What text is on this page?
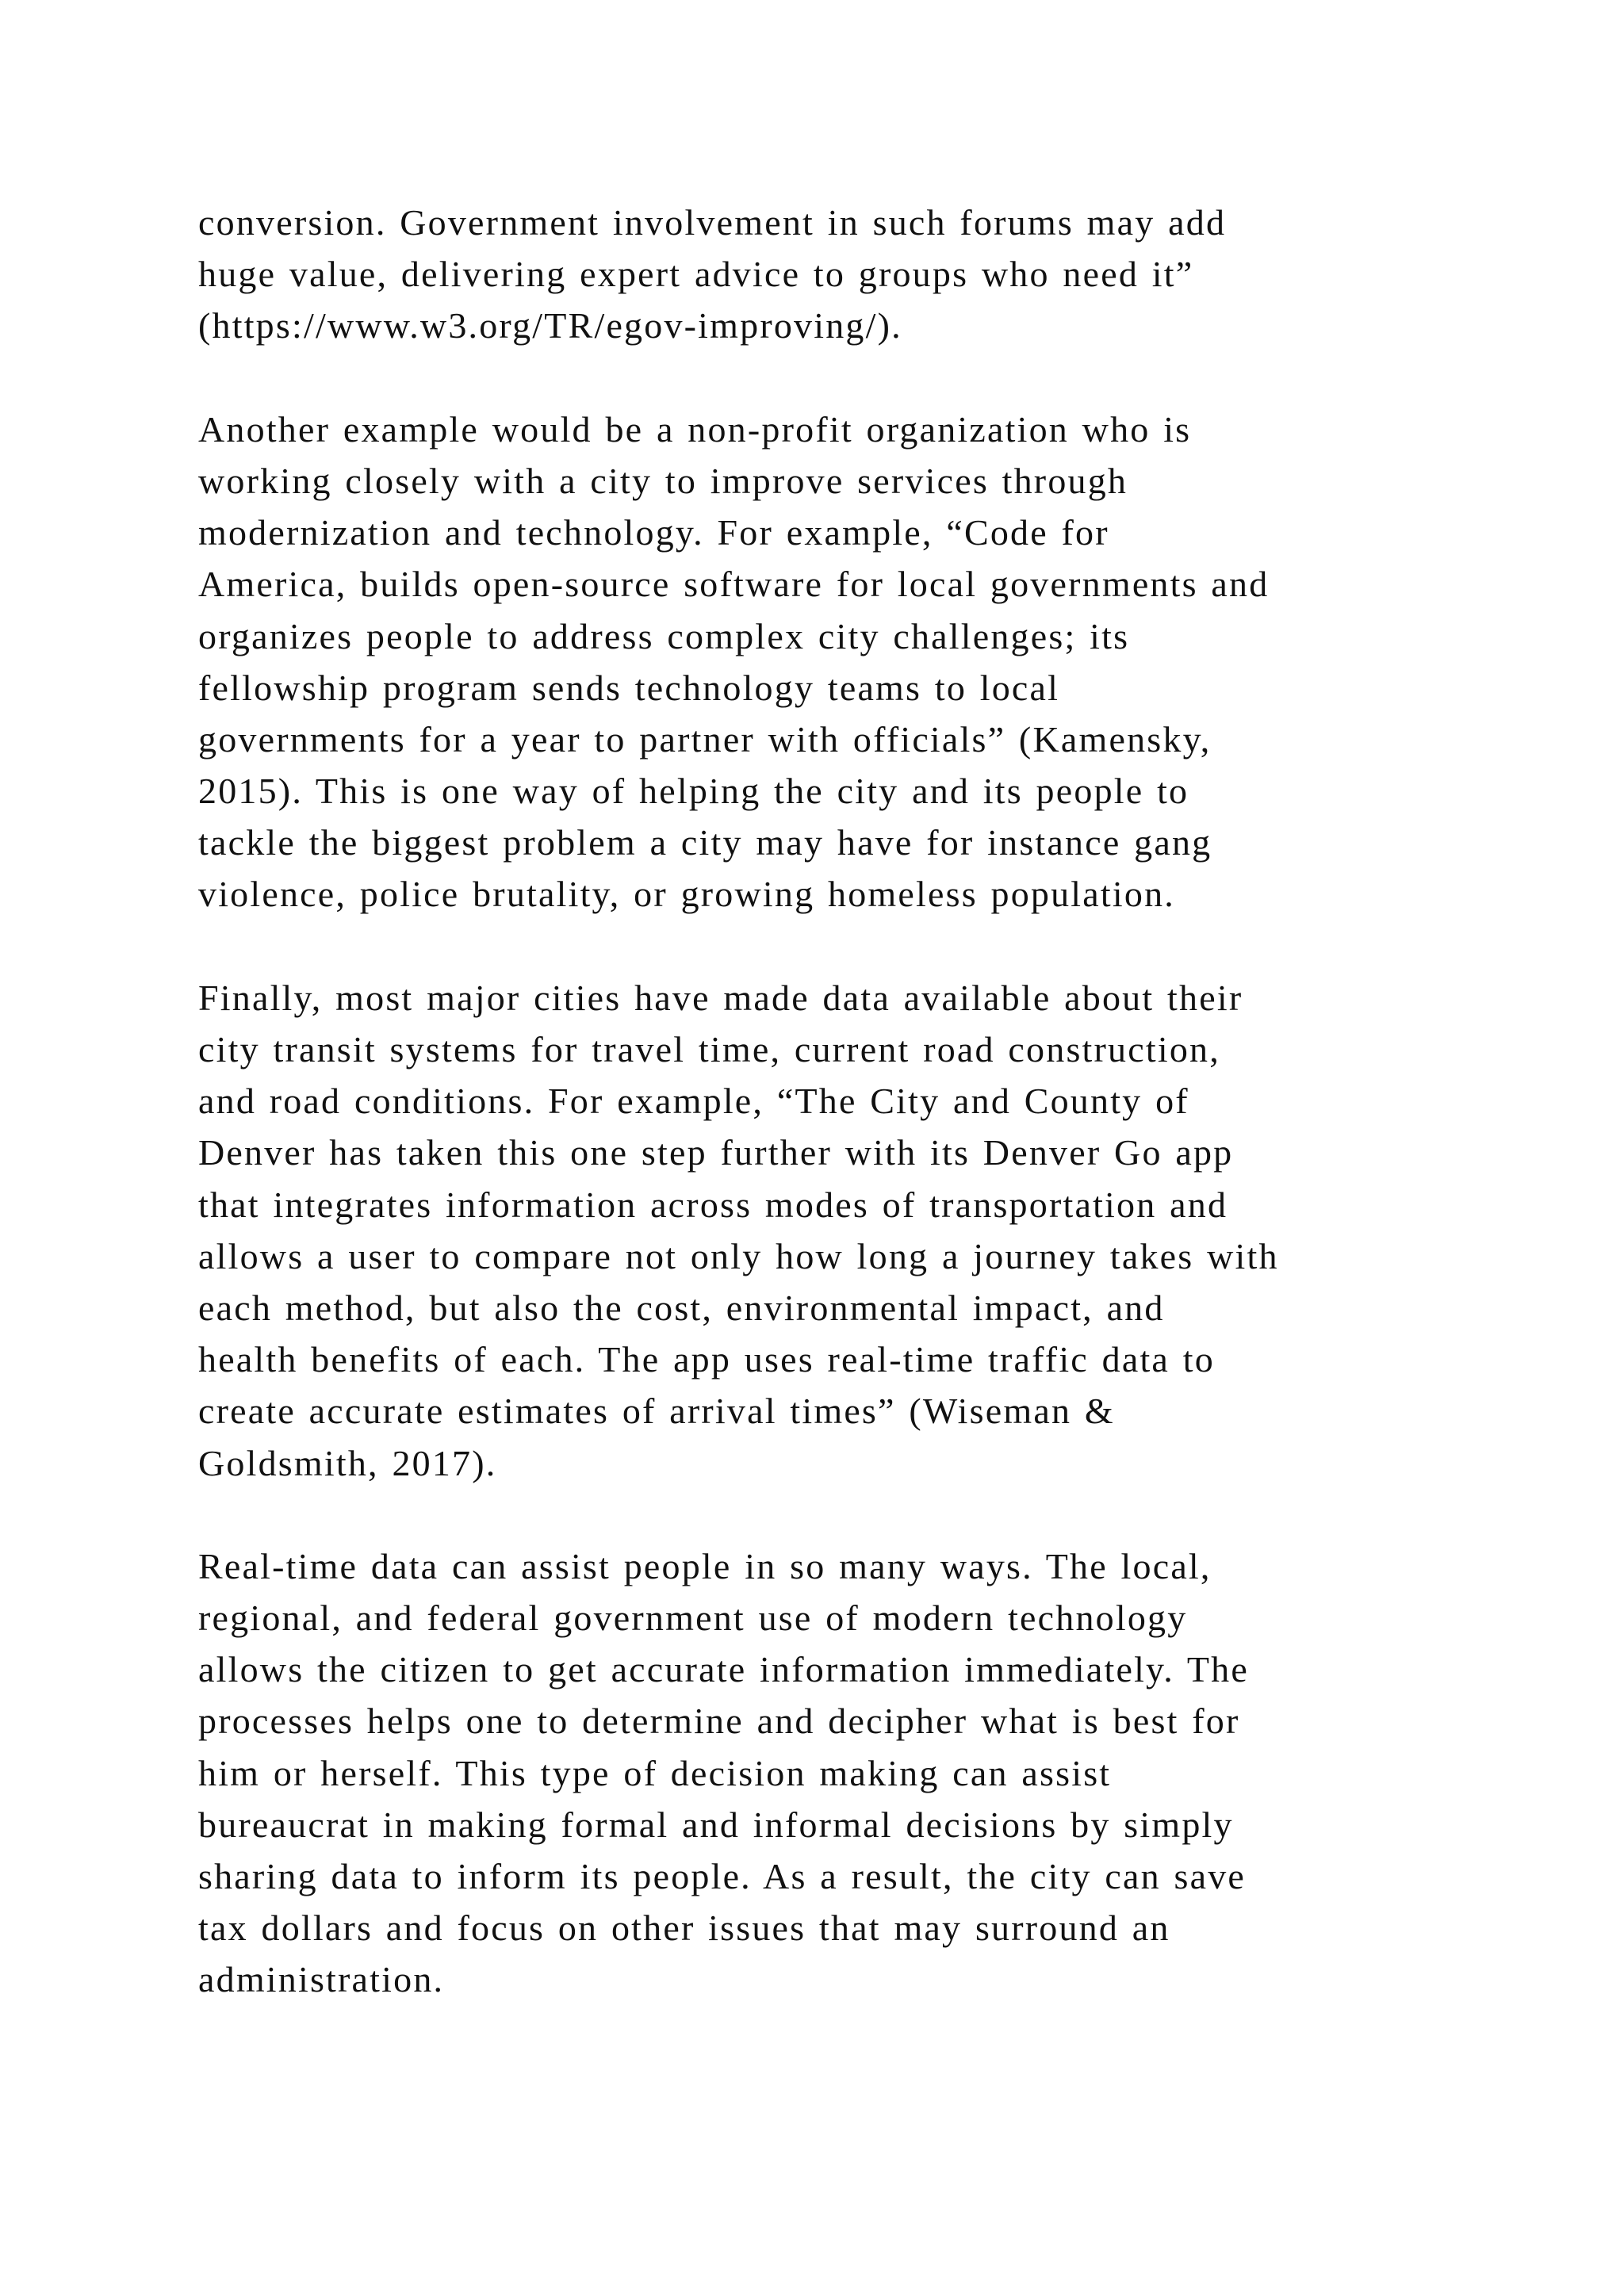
conversion. Government involvement in such forums may add
huge value, delivering expert advice to groups who need it”
(https://www.w3.org/TR/egov-improving/).
Another example would be a non-profit organization who is
working closely with a city to improve services through
modernization and technology. For example, “Code for
America, builds open-source software for local governments and
organizes people to address complex city challenges; its
fellowship program sends technology teams to local
governments for a year to partner with officials” (Kamensky,
2015). This is one way of helping the city and its people to
tackle the biggest problem a city may have for instance gang
violence, police brutality, or growing homeless population.
Finally, most major cities have made data available about their
city transit systems for travel time, current road construction,
and road conditions. For example, “The City and County of
Denver has taken this one step further with its Denver Go app
that integrates information across modes of transportation and
allows a user to compare not only how long a journey takes with
each method, but also the cost, environmental impact, and
health benefits of each. The app uses real-time traffic data to
create accurate estimates of arrival times” (Wiseman &
Goldsmith, 2017).
Real-time data can assist people in so many ways. The local,
regional, and federal government use of modern technology
allows the citizen to get accurate information immediately. The
processes helps one to determine and decipher what is best for
him or herself. This type of decision making can assist
bureaucrat in making formal and informal decisions by simply
sharing data to inform its people. As a result, the city can save
tax dollars and focus on other issues that may surround an
administration.
